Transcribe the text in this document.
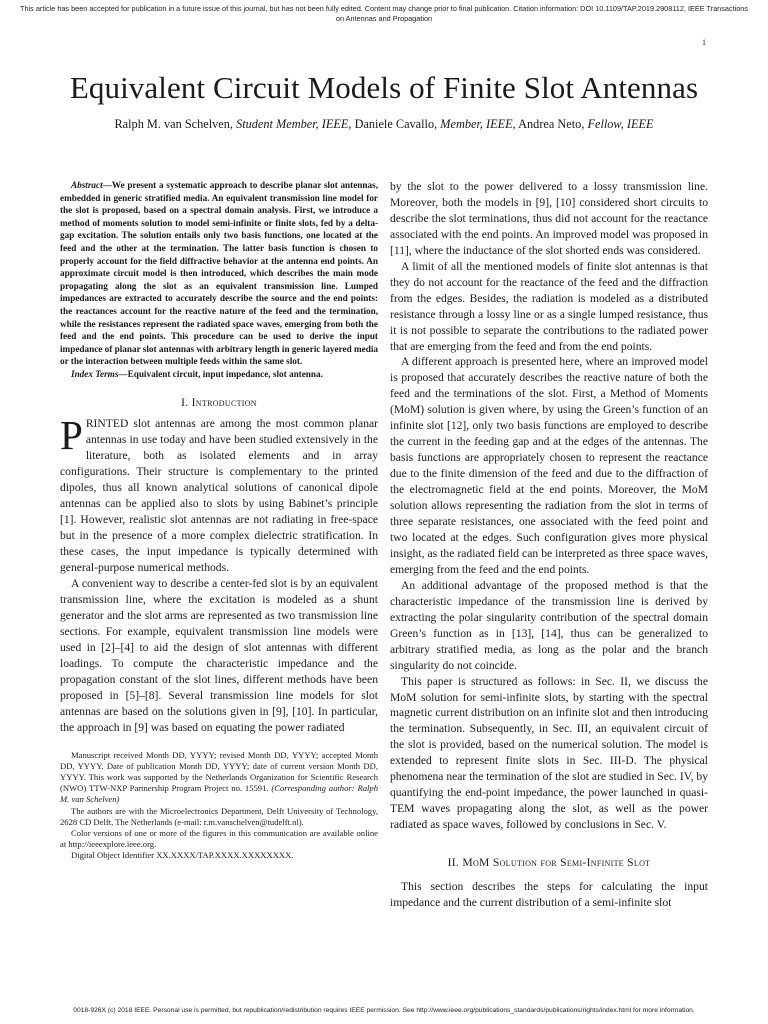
This article has been accepted for publication in a future issue of this journal, but has not been fully edited. Content may change prior to final publication. Citation information: DOI 10.1109/TAP.2019.2908112, IEEE Transactions on Antennas and Propagation
1
Equivalent Circuit Models of Finite Slot Antennas
Ralph M. van Schelven, Student Member, IEEE, Daniele Cavallo, Member, IEEE, Andrea Neto, Fellow, IEEE

Abstract—We present a systematic approach to describe planar slot antennas, embedded in generic stratified media. An equivalent transmission line model for the slot is proposed, based on a spectral domain analysis. First, we introduce a method of moments solution to model semi-infinite or finite slots, fed by a delta-gap excitation. The solution entails only two basis functions, one located at the feed and the other at the termination. The latter basis function is chosen to properly account for the field diffractive behavior at the antenna end points. An approximate circuit model is then introduced, which describes the main mode propagating along the slot as an equivalent transmission line. Lumped impedances are extracted to accurately describe the source and the end points: the reactances account for the reactive nature of the feed and the termination, while the resistances represent the radiated space waves, emerging from both the feed and the end points. This procedure can be used to derive the input impedance of planar slot antennas with arbitrary length in generic layered media or the interaction between multiple feeds within the same slot.

Index Terms—Equivalent circuit, input impedance, slot antenna.

I. Introduction

PRINTED slot antennas are among the most common planar antennas in use today and have been studied extensively in the literature, both as isolated elements and in array configurations. Their structure is complementary to the printed dipoles, thus all known analytical solutions of canonical dipole antennas can be applied also to slots by using Babinet’s principle [1]. However, realistic slot antennas are not radiating in free-space but in the presence of a more complex dielectric stratification. In these cases, the input impedance is typically determined with general-purpose numerical methods.

A convenient way to describe a center-fed slot is by an equivalent transmission line, where the excitation is modeled as a shunt generator and the slot arms are represented as two transmission line sections. For example, equivalent transmission line models were used in [2]–[4] to aid the design of slot antennas with different loadings. To compute the characteristic impedance and the propagation constant of the slot lines, different methods have been proposed in [5]–[8]. Several transmission line models for slot antennas are based on the solutions given in [9], [10]. In particular, the approach in [9] was based on equating the power radiated

Manuscript received Month DD, YYYY; revised Month DD, YYYY; accepted Month DD, YYYY. Date of publication Month DD, YYYY; date of current version Month DD, YYYY. This work was supported by the Netherlands Organization for Scientific Research (NWO) TTW-NXP Partnership Program Project no. 15591. (Corresponding author: Ralph M. van Schelven)

The authors are with the Microelectronics Department, Delft University of Technology, 2628 CD Delft, The Netherlands (e-mail: r.m.vanschelven@tudelft.nl).

Color versions of one or more of the figures in this communication are available online at http://ieeexplore.ieee.org.

Digital Object Identifier XX.XXXX/TAP.XXXX.XXXXXXXX.

by the slot to the power delivered to a lossy transmission line. Moreover, both the models in [9], [10] considered short circuits to describe the slot terminations, thus did not account for the reactance associated with the end points. An improved model was proposed in [11], where the inductance of the slot shorted ends was considered.

A limit of all the mentioned models of finite slot antennas is that they do not account for the reactance of the feed and the diffraction from the edges. Besides, the radiation is modeled as a distributed resistance through a lossy line or as a single lumped resistance, thus it is not possible to separate the contributions to the radiated power that are emerging from the feed and from the end points.

A different approach is presented here, where an improved model is proposed that accurately describes the reactive nature of both the feed and the terminations of the slot. First, a Method of Moments (MoM) solution is given where, by using the Green’s function of an infinite slot [12], only two basis functions are employed to describe the current in the feeding gap and at the edges of the antennas. The basis functions are appropriately chosen to represent the reactance due to the finite dimension of the feed and due to the diffraction of the electromagnetic field at the end points. Moreover, the MoM solution allows representing the radiation from the slot in terms of three separate resistances, one associated with the feed point and two located at the edges. Such configuration gives more physical insight, as the radiated field can be interpreted as three space waves, emerging from the feed and the end points.

An additional advantage of the proposed method is that the characteristic impedance of the transmission line is derived by extracting the polar singularity contribution of the spectral domain Green’s function as in [13], [14], thus can be generalized to arbitrary stratified media, as long as the polar and the branch singularity do not coincide.

This paper is structured as follows: in Sec. II, we discuss the MoM solution for semi-infinite slots, by starting with the spectral magnetic current distribution on an infinite slot and then introducing the termination. Subsequently, in Sec. III, an equivalent circuit of the slot is provided, based on the numerical solution. The model is extended to represent finite slots in Sec. III-D. The physical phenomena near the termination of the slot are studied in Sec. IV, by quantifying the end-point impedance, the power launched in quasi-TEM waves propagating along the slot, as well as the power radiated as space waves, followed by conclusions in Sec. V.

II. MoM Solution for Semi-Infinite Slot

This section describes the steps for calculating the input impedance and the current distribution of a semi-infinite slot

0018-926X (c) 2018 IEEE. Personal use is permitted, but republication/redistribution requires IEEE permission. See http://www.ieee.org/publications_standards/publications/rights/index.html for more information.
